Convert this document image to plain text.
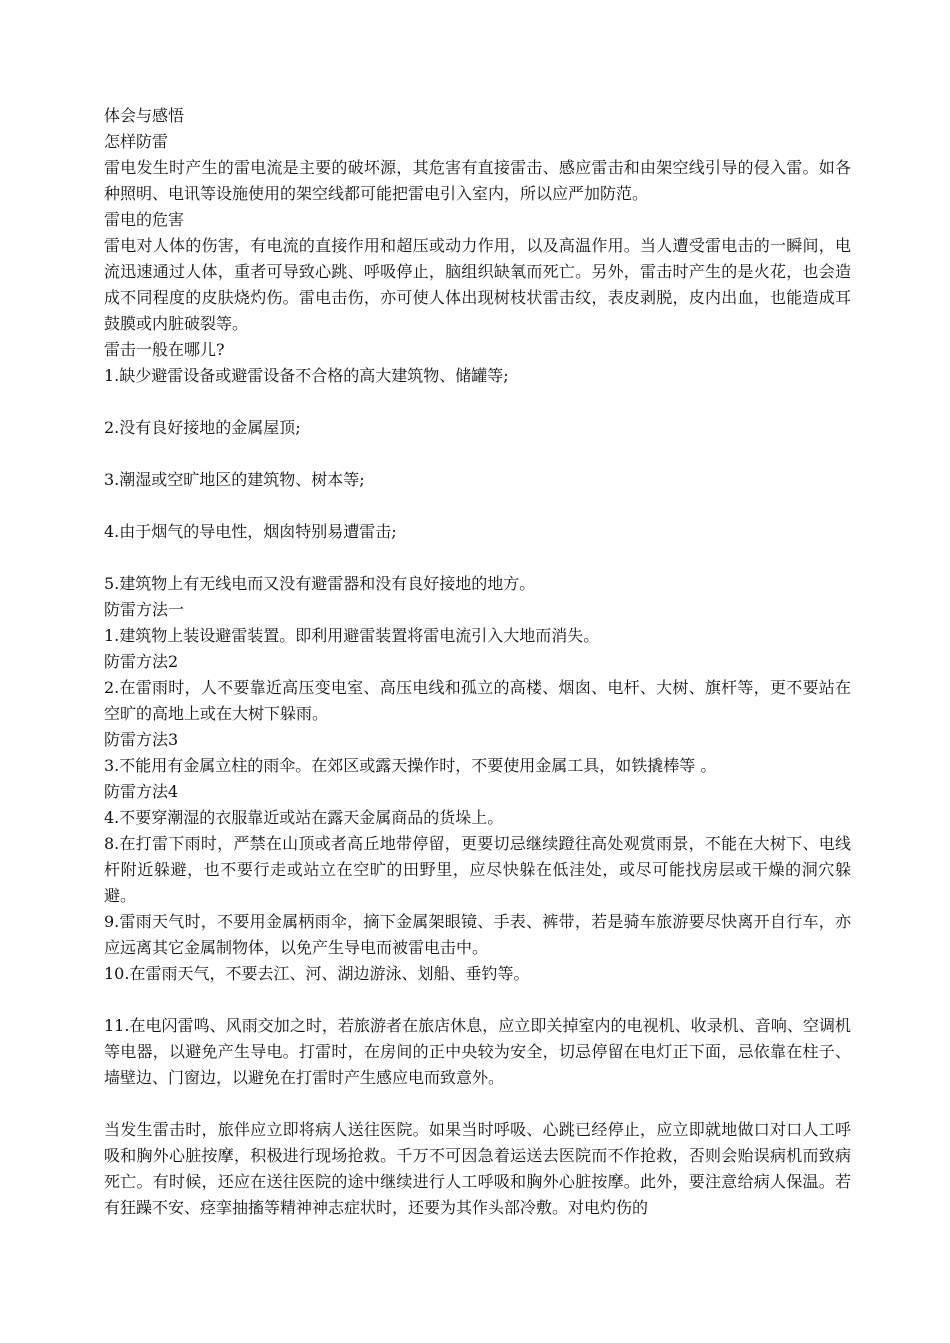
体会与感悟

怎样防雷

雷电发生时产生的雷电流是主要的破坏源，其危害有直接雷击、感应雷击和由架空线引导的侵入雷。如各种照明、电讯等设施使用的架空线都可能把雷电引入室内，所以应严加防范。

雷电的危害

雷电对人体的伤害，有电流的直接作用和超压或动力作用，以及高温作用。当人遭受雷电击的一瞬间，电流迅速通过人体，重者可导致心跳、呼吸停止，脑组织缺氧而死亡。另外，雷击时产生的是火花，也会造成不同程度的皮肤烧灼伤。雷电击伤，亦可使人体出现树枝状雷击纹，表皮剥脱，皮内出血，也能造成耳鼓膜或内脏破裂等。

雷击一般在哪儿?

1.缺少避雷设备或避雷设备不合格的高大建筑物、储罐等;

2.没有良好接地的金属屋顶;

3.潮湿或空旷地区的建筑物、树本等;

4.由于烟气的导电性，烟囱特别易遭雷击;

5.建筑物上有无线电而又没有避雷器和没有良好接地的地方。

防雷方法一

1.建筑物上装设避雷装置。即利用避雷装置将雷电流引入大地而消失。

防雷方法2

2.在雷雨时，人不要靠近高压变电室、高压电线和孤立的高楼、烟囱、电杆、大树、旗杆等，更不要站在空旷的高地上或在大树下躲雨。

防雷方法3

3.不能用有金属立柱的雨伞。在郊区或露天操作时，不要使用金属工具，如铁撬棒等 。

防雷方法4

4.不要穿潮湿的衣服靠近或站在露天金属商品的货垛上。

8.在打雷下雨时，严禁在山顶或者高丘地带停留，更要切忌继续蹬往高处观赏雨景，不能在大树下、电线杆附近躲避，也不要行走或站立在空旷的田野里，应尽快躲在低洼处，或尽可能找房层或干燥的洞穴躲避。

9.雷雨天气时，不要用金属柄雨伞，摘下金属架眼镜、手表、裤带，若是骑车旅游要尽快离开自行车，亦应远离其它金属制物体，以免产生导电而被雷电击中。

10.在雷雨天气，不要去江、河、湖边游泳、划船、垂钓等。

11.在电闪雷鸣、风雨交加之时，若旅游者在旅店休息，应立即关掉室内的电视机、收录机、音响、空调机等电器，以避免产生导电。打雷时，在房间的正中央较为安全，切忌停留在电灯正下面，忌依靠在柱子、墙壁边、门窗边，以避免在打雷时产生感应电而致意外。

当发生雷击时，旅伴应立即将病人送往医院。如果当时呼吸、心跳已经停止，应立即就地做口对口人工呼吸和胸外心脏按摩，积极进行现场抢救。千万不可因急着运送去医院而不作抢救，否则会贻误病机而致病 死亡。有时候，还应在送往医院的途中继续进行人工呼吸和胸外心脏按摩。此外，要注意给病人保温。若有狂躁不安、痉挛抽搐等精神神志症状时，还要为其作头部冷敷。对电灼伤的
